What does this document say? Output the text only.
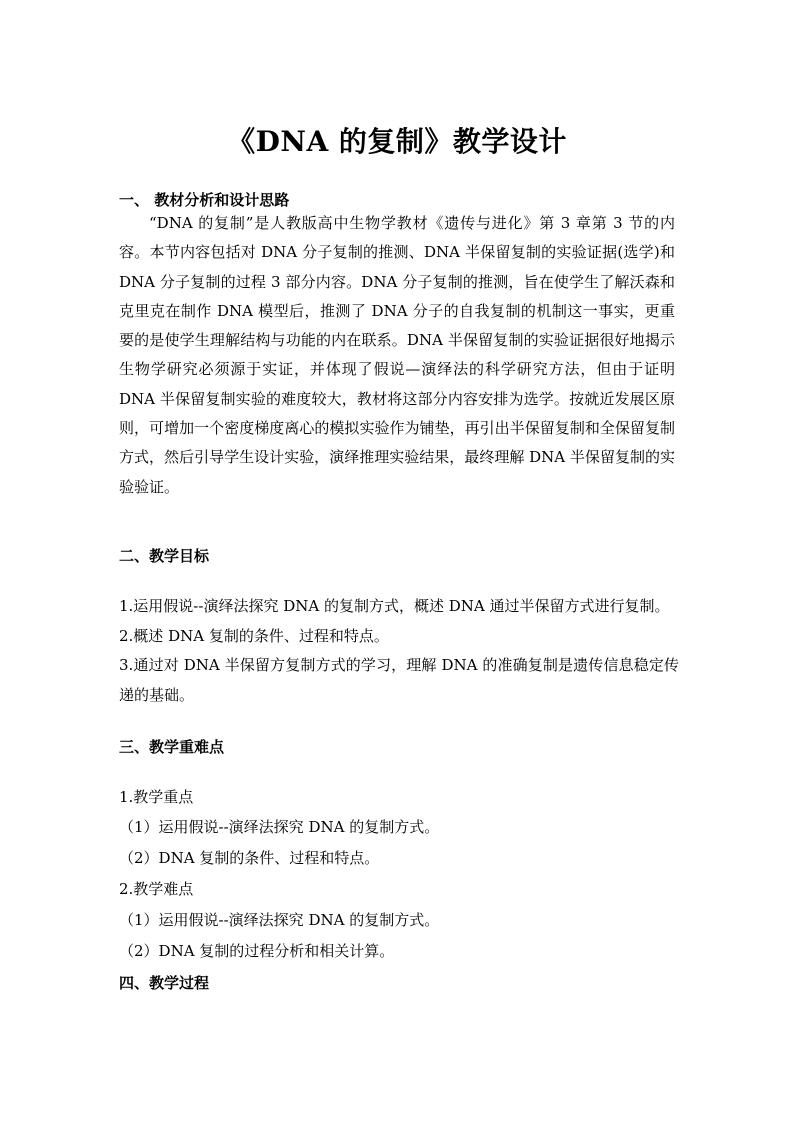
《DNA 的复制》教学设计
一、 教材分析和设计思路

“DNA 的复制”是人教版高中生物学教材《遗传与进化》第 3 章第 3 节的内容。本节内容包括对 DNA 分子复制的推测、DNA 半保留复制的实验证据(选学)和 DNA 分子复制的过程 3 部分内容。DNA 分子复制的推测，旨在使学生了解沃森和克里克在制作 DNA 模型后，推测了 DNA 分子的自我复制的机制这一事实，更重要的是使学生理解结构与功能的内在联系。DNA 半保留复制的实验证据很好地揭示生物学研究必须源于实证，并体现了假说—演绎法的科学研究方法，但由于证明 DNA 半保留复制实验的难度较大，教材将这部分内容安排为选学。按就近发展区原则，可增加一个密度梯度离心的模拟实验作为铺垫，再引出半保留复制和全保留复制方式，然后引导学生设计实验，演绎推理实验结果，最终理解 DNA 半保留复制的实验验证。

二、教学目标
1.运用假说--演绎法探究 DNA 的复制方式，概述 DNA 通过半保留方式进行复制。
2.概述 DNA 复制的条件、过程和特点。
3.通过对 DNA 半保留方复制方式的学习，理解 DNA 的准确复制是遗传信息稳定传递的基础。
三、教学重难点
1.教学重点
（1）运用假说--演绎法探究 DNA 的复制方式。
（2）DNA 复制的条件、过程和特点。
2.教学难点
（1）运用假说--演绎法探究 DNA 的复制方式。
（2）DNA 复制的过程分析和相关计算。
四、教学过程
